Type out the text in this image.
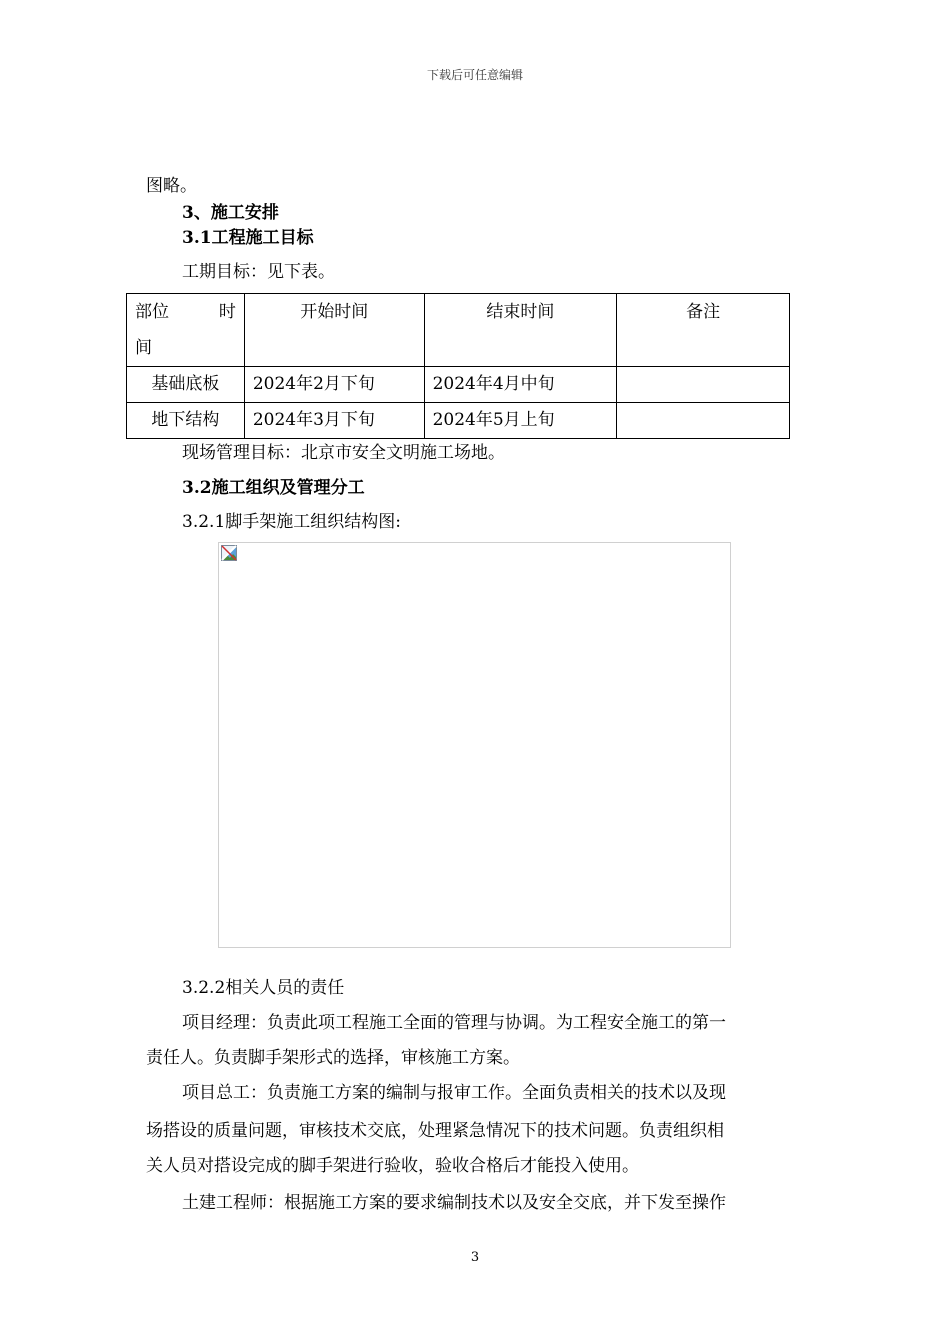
下载后可任意编辑
图略。
3、施工安排
3.1工程施工目标
工期目标：见下表。
部位 时
间	开始时间	结束时间	备注
基础底板	2024年2月下旬	2024年4月中旬	
地下结构	2024年3月下旬	2024年5月上旬	
现场管理目标：北京市安全文明施工场地。
3.2施工组织及管理分工
3.2.1脚手架施工组织结构图:
3.2.2相关人员的责任
项目经理：负责此项工程施工全面的管理与协调。为工程安全施工的第一
责任人。负责脚手架形式的选择，审核施工方案。
项目总工：负责施工方案的编制与报审工作。全面负责相关的技术以及现
场搭设的质量问题，审核技术交底，处理紧急情况下的技术问题。负责组织相
关人员对搭设完成的脚手架进行验收，验收合格后才能投入使用。
土建工程师：根据施工方案的要求编制技术以及安全交底，并下发至操作
3
